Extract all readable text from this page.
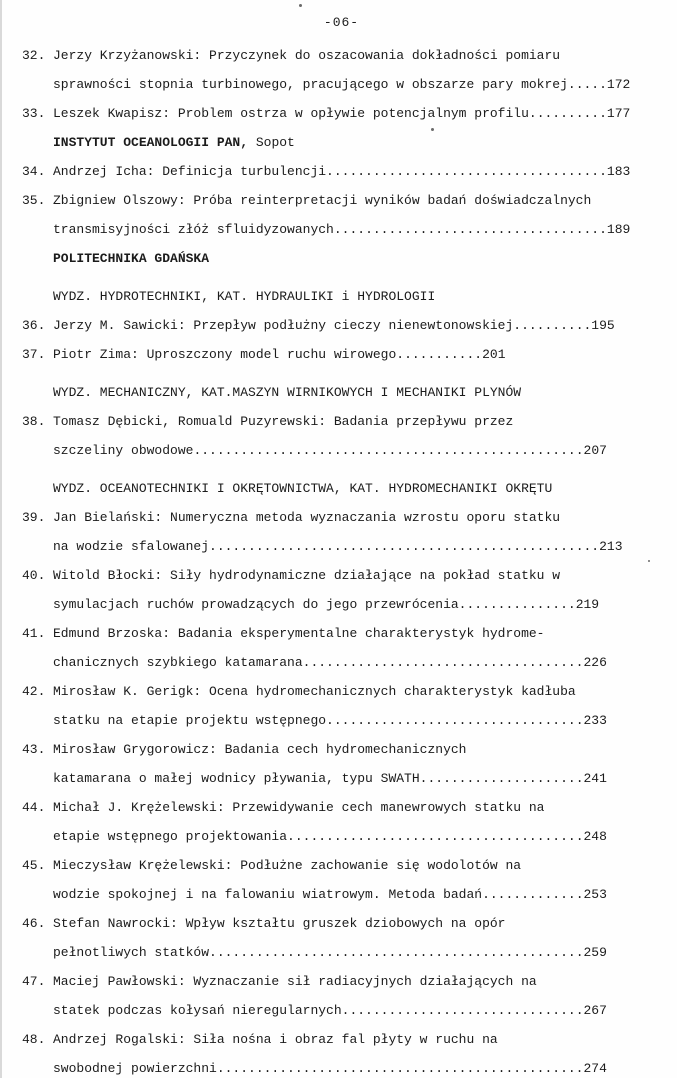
-06-
32. Jerzy Krzyżanowski: Przyczynek do oszacowania dokładności pomiaru
sprawności stopnia turbinowego, pracującego w obszarze pary mokrej.....172
33. Leszek Kwapisz: Problem ostrza w opływie potencjalnym profilu..........177
INSTYTUT OCEANOLOGII PAN, Sopot
34. Andrzej Icha: Definicja turbulencji....................................183
35. Zbigniew Olszowy: Próba reinterpretacji wyników badań doświadczalnych
transmisyjności złóż sfluidyzowanych...................................189
POLITECHNIKA GDAŃSKA
WYDZ. HYDROTECHNIKI, KAT. HYDRAULIKI i HYDROLOGII
36. Jerzy M. Sawicki: Przepływ podłużny cieczy nienewtonowskiej..........195
37. Piotr Zima: Uproszczony model ruchu wirowego...........201
WYDZ. MECHANICZNY, KAT.MASZYN WIRNIKOWYCH I MECHANIKI PLYNÓW
38. Tomasz Dębicki, Romuald Puzyrewski: Badania przepływu przez
szczeliny obwodowe..................................................207
WYDZ. OCEANOTECHNIKI I OKRĘTOWNICTWA, KAT. HYDROMECHANIKI OKRĘTU
39. Jan Bielański: Numeryczna metoda wyznaczania wzrostu oporu statku
na wodzie sfalowanej..................................................213
40. Witold Błocki: Siły hydrodynamiczne działające na pokład statku w
symulacjach ruchów prowadzących do jego przewrócenia...............219
41. Edmund Brzoska: Badania eksperymentalne charakterystyk hydrome-
chanicznych szybkiego katamarana....................................226
42. Mirosław K. Gerigk: Ocena hydromechanicznych charakterystyk kadłuba
statku na etapie projektu wstępnego.................................233
43. Mirosław Grygorowicz: Badania cech hydromechanicznych
katamarana o małej wodnicy pływania, typu SWATH.....................241
44. Michał J. Krężelewski: Przewidywanie cech manewrowych statku na
etapie wstępnego projektowania......................................248
45. Mieczysław Krężelewski: Podłużne zachowanie się wodolotów na
wodzie spokojnej i na falowaniu wiatrowym. Metoda badań.............253
46. Stefan Nawrocki: Wpływ kształtu gruszek dziobowych na opór
pełnotliwych statków................................................259
47. Maciej Pawłowski: Wyznaczanie sił radiacyjnych działających na
statek podczas kołysań nieregularnych...............................267
48. Andrzej Rogalski: Siła nośna i obraz fal płyty w ruchu na
swobodnej powierzchni...............................................274
